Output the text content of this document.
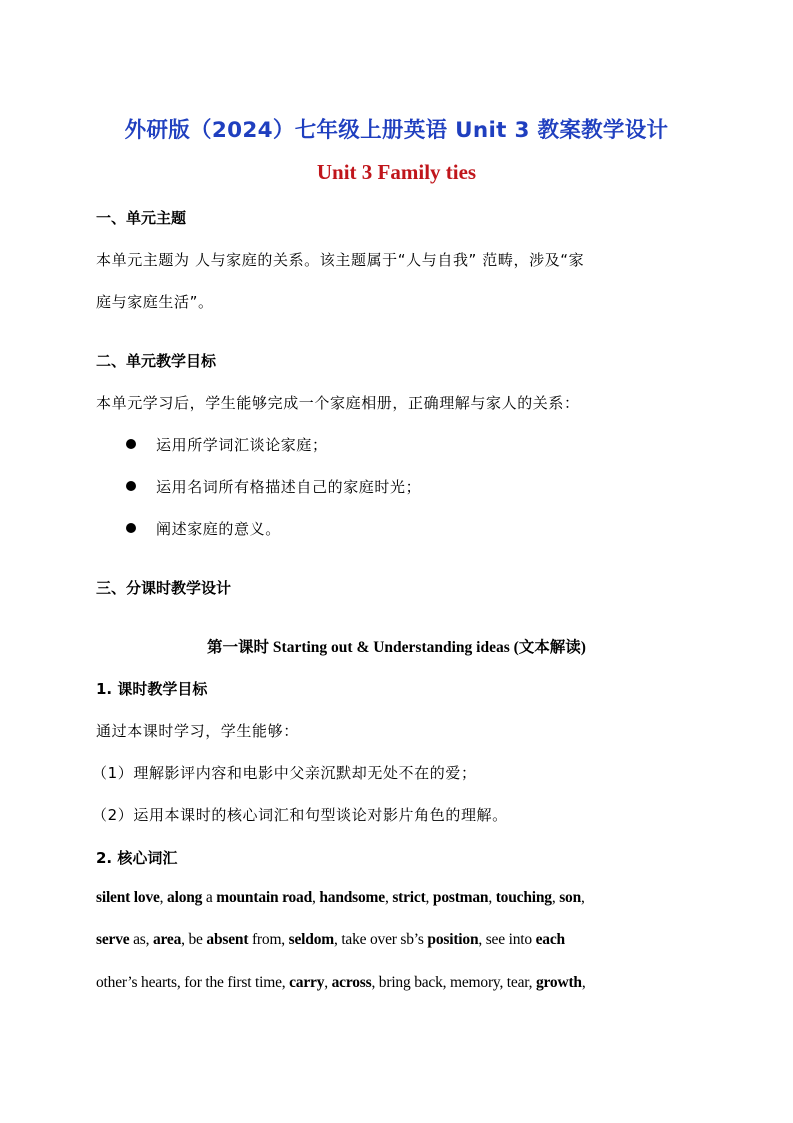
外研版（2024）七年级上册英语 Unit 3 教案教学设计
Unit 3 Family ties
一、单元主题
本单元主题为 人与家庭的关系。该主题属于“人与自我” 范畴，涉及“家
庭与家庭生活”。
二、单元教学目标
本单元学习后，学生能够完成一个家庭相册，正确理解与家人的关系：
运用所学词汇谈论家庭；
运用名词所有格描述自己的家庭时光；
阐述家庭的意义。
三、分课时教学设计
第一课时 Starting out & Understanding ideas (文本解读)
1. 课时教学目标
通过本课时学习，学生能够：
（1）理解影评内容和电影中父亲沉默却无处不在的爱；
（2）运用本课时的核心词汇和句型谈论对影片角色的理解。
2. 核心词汇
silent love, along a mountain road, handsome, strict, postman, touching, son,
serve as, area, be absent from, seldom, take over sb’s position, see into each
other’s hearts, for the first time, carry, across, bring back, memory, tear, growth,
